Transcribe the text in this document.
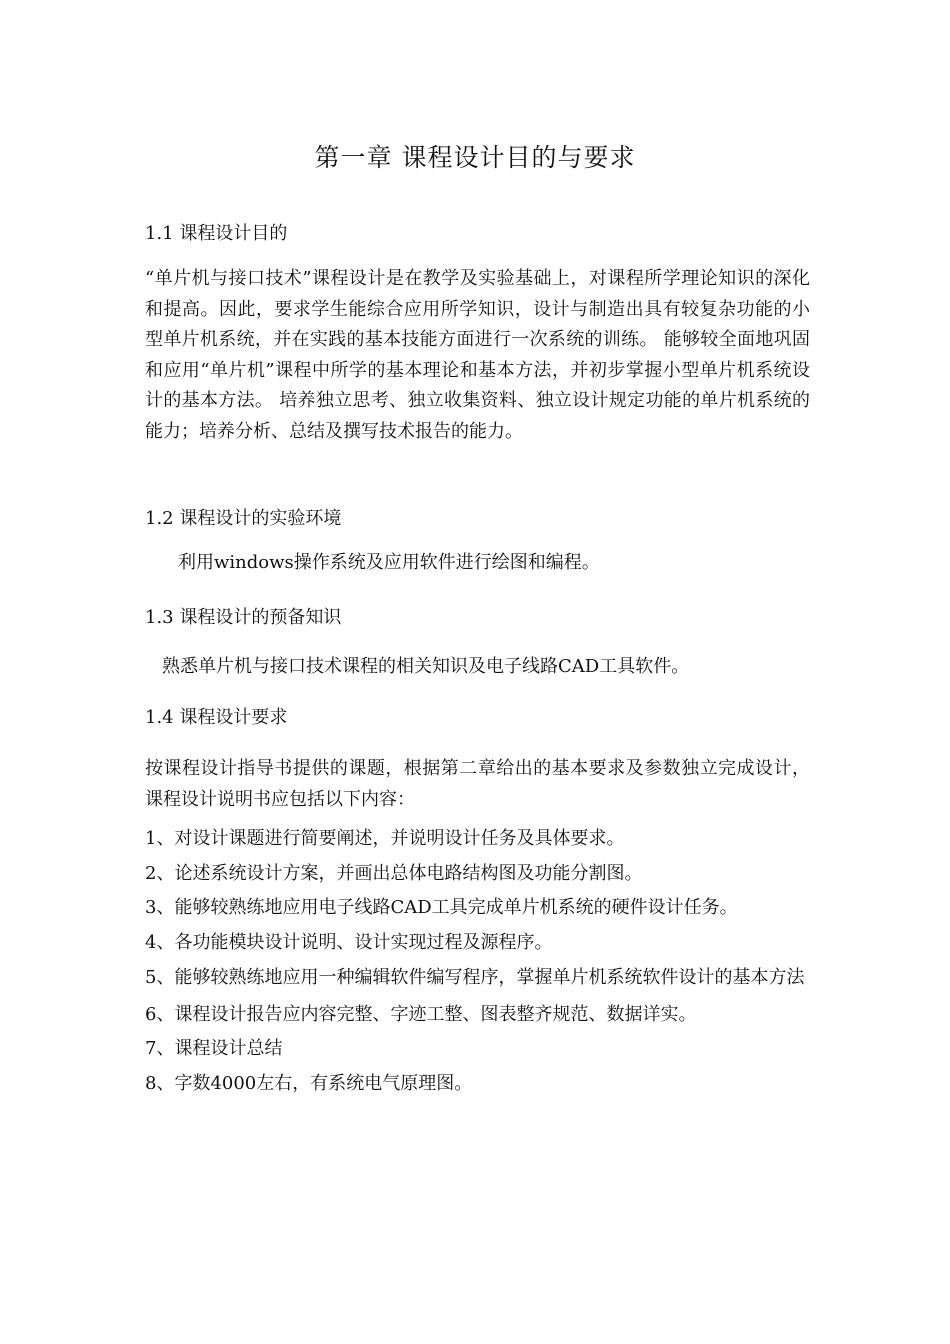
第一章 课程设计目的与要求

1.1 课程设计目的

“单片机与接口技术”课程设计是在教学及实验基础上，对课程所学理论知识的深化和提高。因此，要求学生能综合应用所学知识，设计与制造出具有较复杂功能的小型单片机系统，并在实践的基本技能方面进行一次系统的训练。 能够较全面地巩固和应用“单片机”课程中所学的基本理论和基本方法，并初步掌握小型单片机系统设计的基本方法。 培养独立思考、独立收集资料、独立设计规定功能的单片机系统的能力；培养分析、总结及撰写技术报告的能力。

1.2 课程设计的实验环境

利用windows操作系统及应用软件进行绘图和编程。

1.3 课程设计的预备知识

熟悉单片机与接口技术课程的相关知识及电子线路CAD工具软件。

1.4 课程设计要求

按课程设计指导书提供的课题，根据第二章给出的基本要求及参数独立完成设计，课程设计说明书应包括以下内容：

1、对设计课题进行简要阐述，并说明设计任务及具体要求。
2、论述系统设计方案，并画出总体电路结构图及功能分割图。
3、能够较熟练地应用电子线路CAD工具完成单片机系统的硬件设计任务。
4、各功能模块设计说明、设计实现过程及源程序。
5、能够较熟练地应用一种编辑软件编写程序，掌握单片机系统软件设计的基本方法
6、课程设计报告应内容完整、字迹工整、图表整齐规范、数据详实。
7、课程设计总结
8、字数4000左右，有系统电气原理图。
